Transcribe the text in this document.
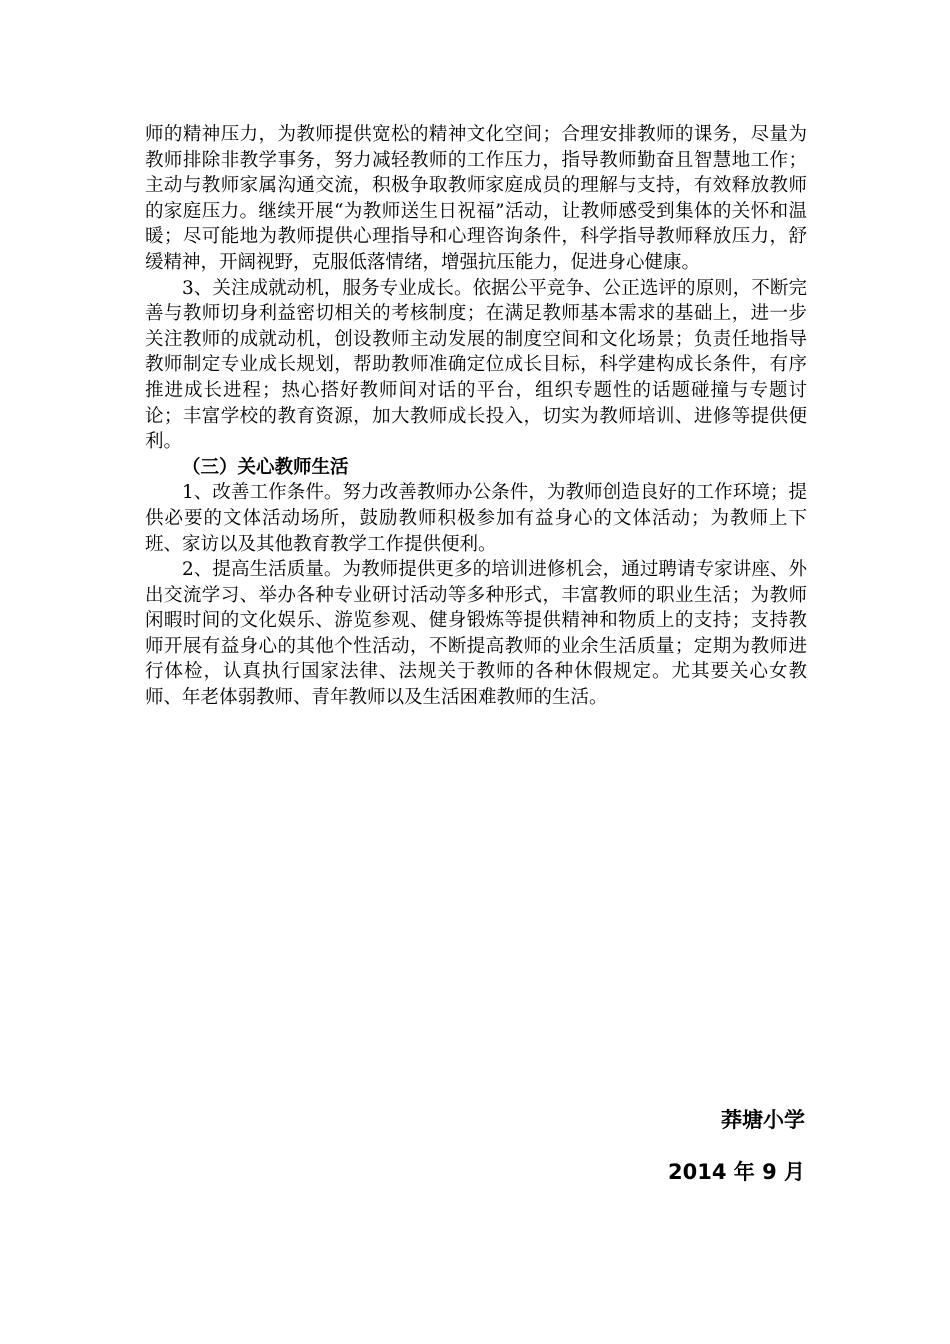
师的精神压力，为教师提供宽松的精神文化空间；合理安排教师的课务，尽量为教师排除非教学事务，努力减轻教师的工作压力，指导教师勤奋且智慧地工作；主动与教师家属沟通交流，积极争取教师家庭成员的理解与支持，有效释放教师的家庭压力。继续开展“为教师送生日祝福”活动，让教师感受到集体的关怀和温暖；尽可能地为教师提供心理指导和心理咨询条件，科学指导教师释放压力，舒缓精神，开阔视野，克服低落情绪，增强抗压能力，促进身心健康。

3、关注成就动机，服务专业成长。依据公平竞争、公正选评的原则，不断完善与教师切身利益密切相关的考核制度；在满足教师基本需求的基础上，进一步关注教师的成就动机，创设教师主动发展的制度空间和文化场景；负责任地指导教师制定专业成长规划，帮助教师准确定位成长目标，科学建构成长条件，有序推进成长进程；热心搭好教师间对话的平台，组织专题性的话题碰撞与专题讨论；丰富学校的教育资源，加大教师成长投入，切实为教师培训、进修等提供便利。

（三）关心教师生活

1、改善工作条件。努力改善教师办公条件，为教师创造良好的工作环境；提供必要的文体活动场所，鼓励教师积极参加有益身心的文体活动；为教师上下班、家访以及其他教育教学工作提供便利。

2、提高生活质量。为教师提供更多的培训进修机会，通过聘请专家讲座、外出交流学习、举办各种专业研讨活动等多种形式，丰富教师的职业生活；为教师闲暇时间的文化娱乐、游览参观、健身锻炼等提供精神和物质上的支持；支持教师开展有益身心的其他个性活动，不断提高教师的业余生活质量；定期为教师进行体检，认真执行国家法律、法规关于教师的各种休假规定。尤其要关心女教师、年老体弱教师、青年教师以及生活困难教师的生活。

莽塘小学
2014 年 9 月
